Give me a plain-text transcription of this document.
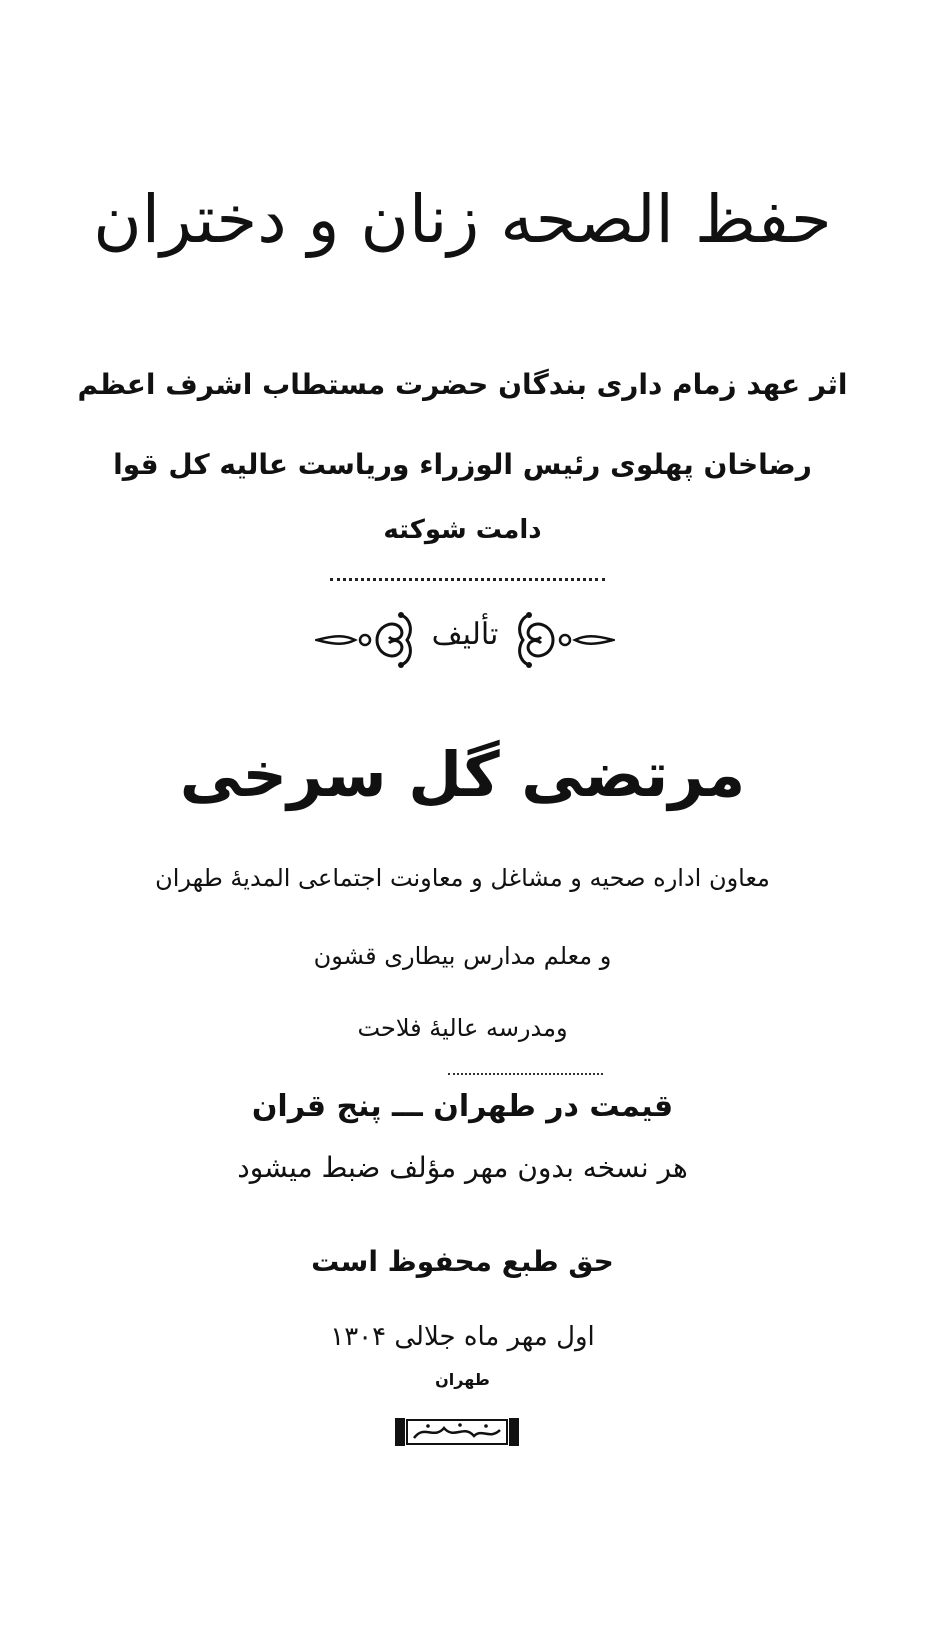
حفظ الصحه زنان و دختران
اثر عهد زمام داری بندگان حضرت مستطاب اشرف اعظم
رضاخان پهلوی رئیس الوزراء وریاست عالیه کل قوا
دامت شوکته
تألیف
مرتضی گل سرخی
معاون اداره صحیه و مشاغل و معاونت اجتماعی المدیهٔ طهران
و معلم مدارس بیطاری قشون
ومدرسه عالیهٔ فلاحت
قیمت در طهران ـــ پنج قران
هر نسخه بدون مهر مؤلف ضبط میشود
حق طبع محفوظ است
اول مهر ماه جلالی ۱۳۰۴
طهران
